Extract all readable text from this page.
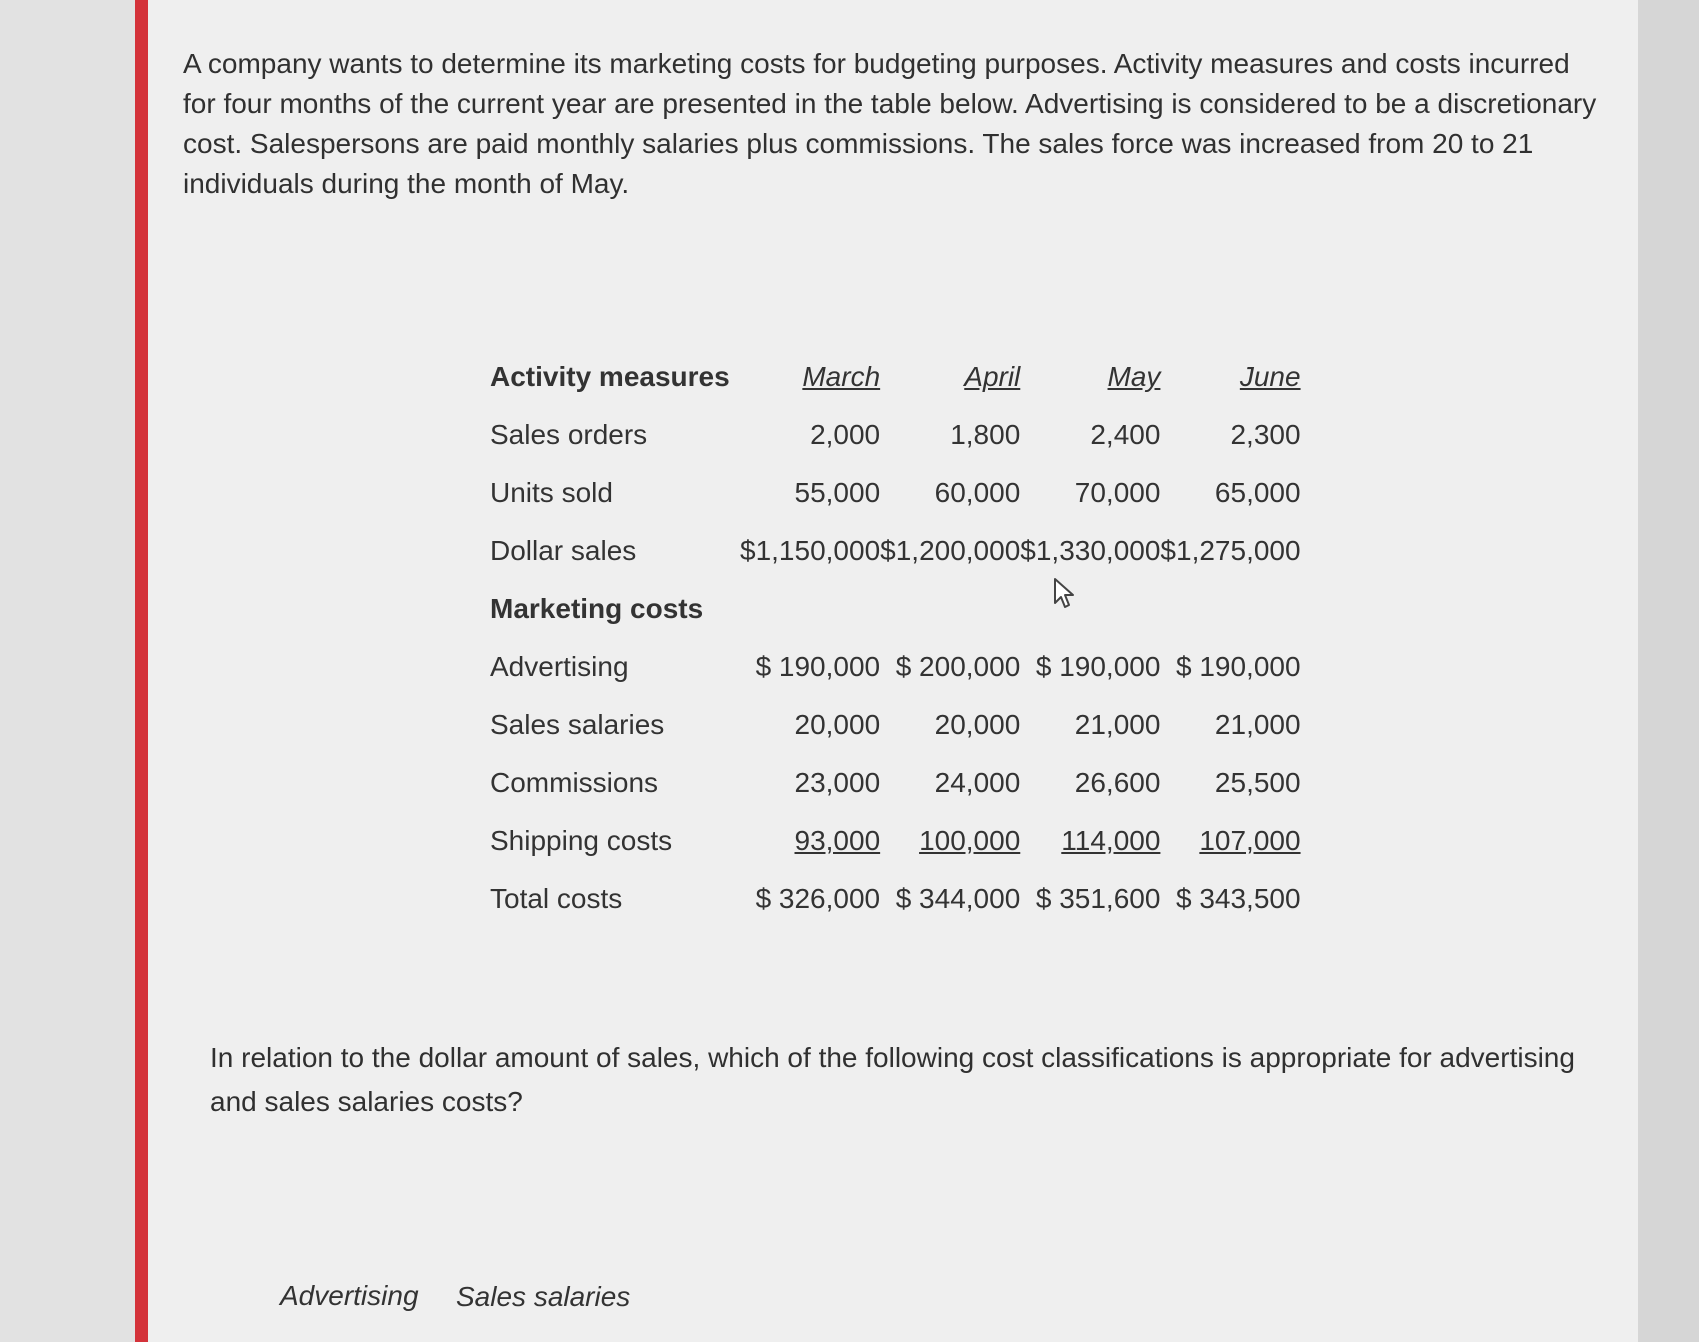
A company wants to determine its marketing costs for budgeting purposes. Activity measures and costs incurred for four months of the current year are presented in the table below. Advertising is considered to be a discretionary cost. Salespersons are paid monthly salaries plus commissions. The sales force was increased from 20 to 21 individuals during the month of May.

Activity measures	March	April	May	June
Sales orders	2,000	1,800	2,400	2,300
Units sold	55,000	60,000	70,000	65,000
Dollar sales	$1,150,000	$1,200,000	$1,330,000	$1,275,000
Marketing costs				
Advertising	$ 190,000	$ 200,000	$ 190,000	$ 190,000
Sales salaries	20,000	20,000	21,000	21,000
Commissions	23,000	24,000	26,600	25,500
Shipping costs	93,000	100,000	114,000	107,000
Total costs	$ 326,000	$ 344,000	$ 351,600	$ 343,500

In relation to the dollar amount of sales, which of the following cost classifications is appropriate for advertising and sales salaries costs?

Advertising Sales salaries
